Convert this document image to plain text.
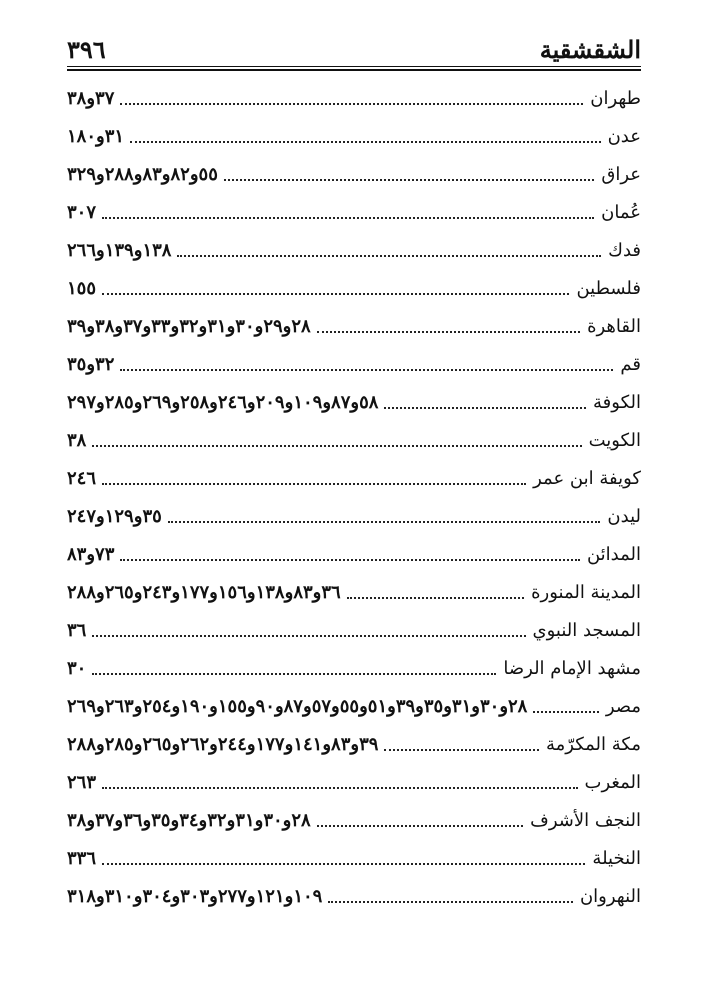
الشقشقية
٣٩٦
طهران
٣٧و٣٨
عدن
٣١و١٨٠
عراق
٥٥و٨٢و٨٣و٢٨٨و٣٢٩
عُمان
٣٠٧
فدك
١٣٨و١٣٩و٢٦٦
فلسطين
١٥٥
القاهرة
٢٨و٢٩و٣٠و٣١و٣٢و٣٣و٣٧و٣٨و٣٩
قم
٣٢و٣٥
الكوفة
٥٨و٨٧و١٠٩و٢٠٩و٢٤٦و٢٥٨و٢٦٩و٢٨٥و٢٩٧
الكويت
٣٨
كويفة ابن عمر
٢٤٦
ليدن
٣٥و١٢٩و٢٤٧
المدائن
٧٣و٨٣
المدينة المنورة
٣٦و٨٣و١٣٨و١٥٦و١٧٧و٢٤٣و٢٦٥و٢٨٨
المسجد النبوي
٣٦
مشهد الإمام الرضا
٣٠
مصر
٢٨و٣٠و٣١و٣٥و٣٩و٥١و٥٥و٥٧و٨٧و٩٠و١٥٥و١٩٠و٢٥٤و٢٦٣و٢٦٩
مكة المكرّمة
٣٩و٨٣و١٤١و١٧٧و٢٤٤و٢٦٢و٢٦٥و٢٨٥و٢٨٨
المغرب
٢٦٣
النجف الأشرف
٢٨و٣٠و٣١و٣٢و٣٤و٣٥و٣٦و٣٧و٣٨
النخيلة
٣٣٦
النهروان
١٠٩و١٢١و٢٧٧و٣٠٣و٣٠٤و٣١٠و٣١٨
